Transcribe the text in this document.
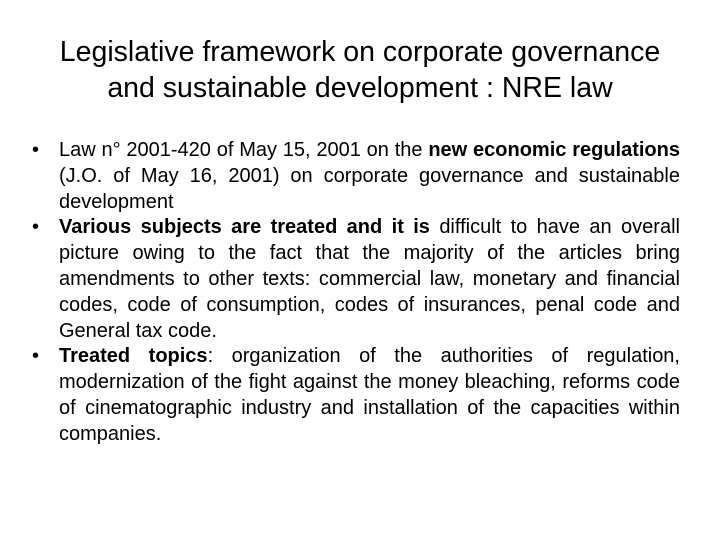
Legislative framework on corporate governance
and sustainable development : NRE law
• Law n° 2001-420 of May 15, 2001 on the new economic regulations (J.O. of May 16, 2001) on corporate governance and sustainable development
• Various subjects are treated and it is difficult to have an overall picture owing to the fact that the majority of the articles bring amendments to other texts: commercial law, monetary and financial codes, code of consumption, codes of insurances, penal code and General tax code.
• Treated topics: organization of the authorities of regulation, modernization of the fight against the money bleaching, reforms code of cinematographic industry and installation of the capacities within companies.
